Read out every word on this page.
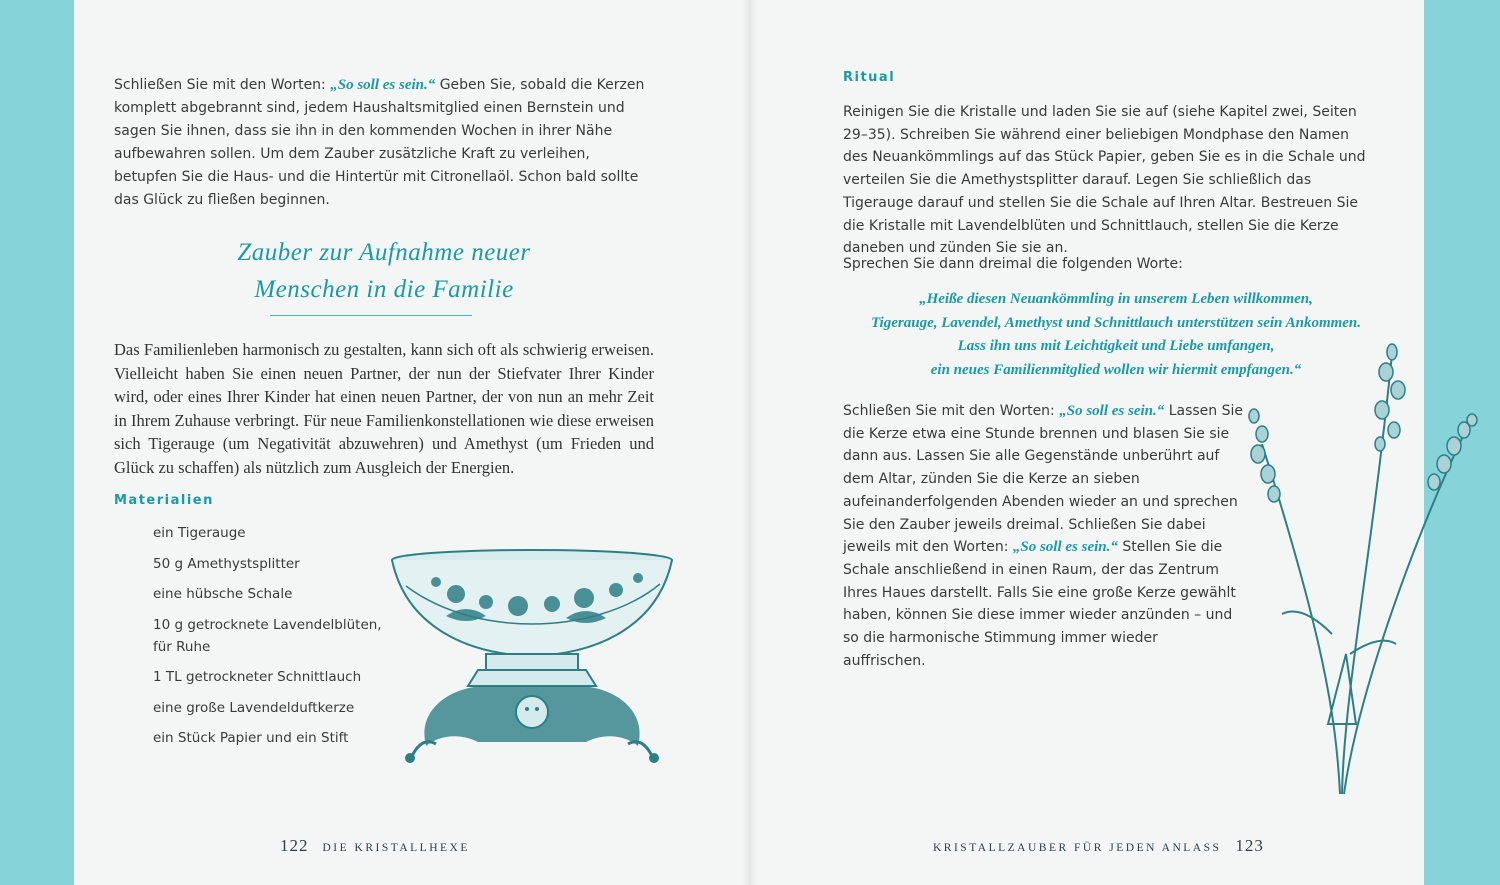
Schließen Sie mit den Worten: „So soll es sein.“ Geben Sie, sobald die Kerzen komplett abgebrannt sind, jedem Haushaltsmitglied einen Bernstein und sagen Sie ihnen, dass sie ihn in den kommenden Wochen in ihrer Nähe aufbewahren sollen. Um dem Zauber zusätzliche Kraft zu verleihen, betupfen Sie die Haus- und die Hintertür mit Citronellaöl. Schon bald sollte das Glück zu fließen beginnen.
Zauber zur Aufnahme neuer
Menschen in die Familie
Das Familienleben harmonisch zu gestalten, kann sich oft als schwierig erweisen. Vielleicht haben Sie einen neuen Partner, der nun der Stiefvater Ihrer Kinder wird, oder eines Ihrer Kinder hat einen neuen Partner, der von nun an mehr Zeit in Ihrem Zuhause verbringt. Für neue Familienkonstellationen wie diese erweisen sich Tigerauge (um Negativität abzuwehren) und Amethyst (um Frieden und Glück zu schaffen) als nützlich zum Ausgleich der Energien.
Materialien
ein Tigerauge
50 g Amethystsplitter
eine hübsche Schale
10 g getrocknete Lavendelblüten, für Ruhe
1 TL getrockneter Schnittlauch
eine große Lavendelduftkerze
ein Stück Papier und ein Stift
122 DIE KRISTALLHEXE
Ritual
Reinigen Sie die Kristalle und laden Sie sie auf (siehe Kapitel zwei, Seiten 29–35). Schreiben Sie während einer beliebigen Mondphase den Namen des Neuankömmlings auf das Stück Papier, geben Sie es in die Schale und verteilen Sie die Amethystsplitter darauf. Legen Sie schließlich das Tigerauge darauf und stellen Sie die Schale auf Ihren Altar. Bestreuen Sie die Kristalle mit Lavendelblüten und Schnittlauch, stellen Sie die Kerze daneben und zünden Sie sie an.
Sprechen Sie dann dreimal die folgenden Worte:
„Heiße diesen Neuankömmling in unserem Leben willkommen,
Tigerauge, Lavendel, Amethyst und Schnittlauch unterstützen sein Ankommen.
Lass ihn uns mit Leichtigkeit und Liebe umfangen,
ein neues Familienmitglied wollen wir hiermit empfangen.“
Schließen Sie mit den Worten: „So soll es sein.“ Lassen Sie die Kerze etwa eine Stunde brennen und blasen Sie sie dann aus. Lassen Sie alle Gegenstände unberührt auf dem Altar, zünden Sie die Kerze an sieben aufeinanderfolgenden Abenden wieder an und sprechen Sie den Zauber jeweils dreimal. Schließen Sie dabei jeweils mit den Worten: „So soll es sein.“ Stellen Sie die Schale anschließend in einen Raum, der das Zentrum Ihres Haues darstellt. Falls Sie eine große Kerze gewählt haben, können Sie diese immer wieder anzünden – und so die harmonische Stimmung immer wieder auffrischen.
KRISTALLZAUBER FÜR JEDEN ANLASS 123
